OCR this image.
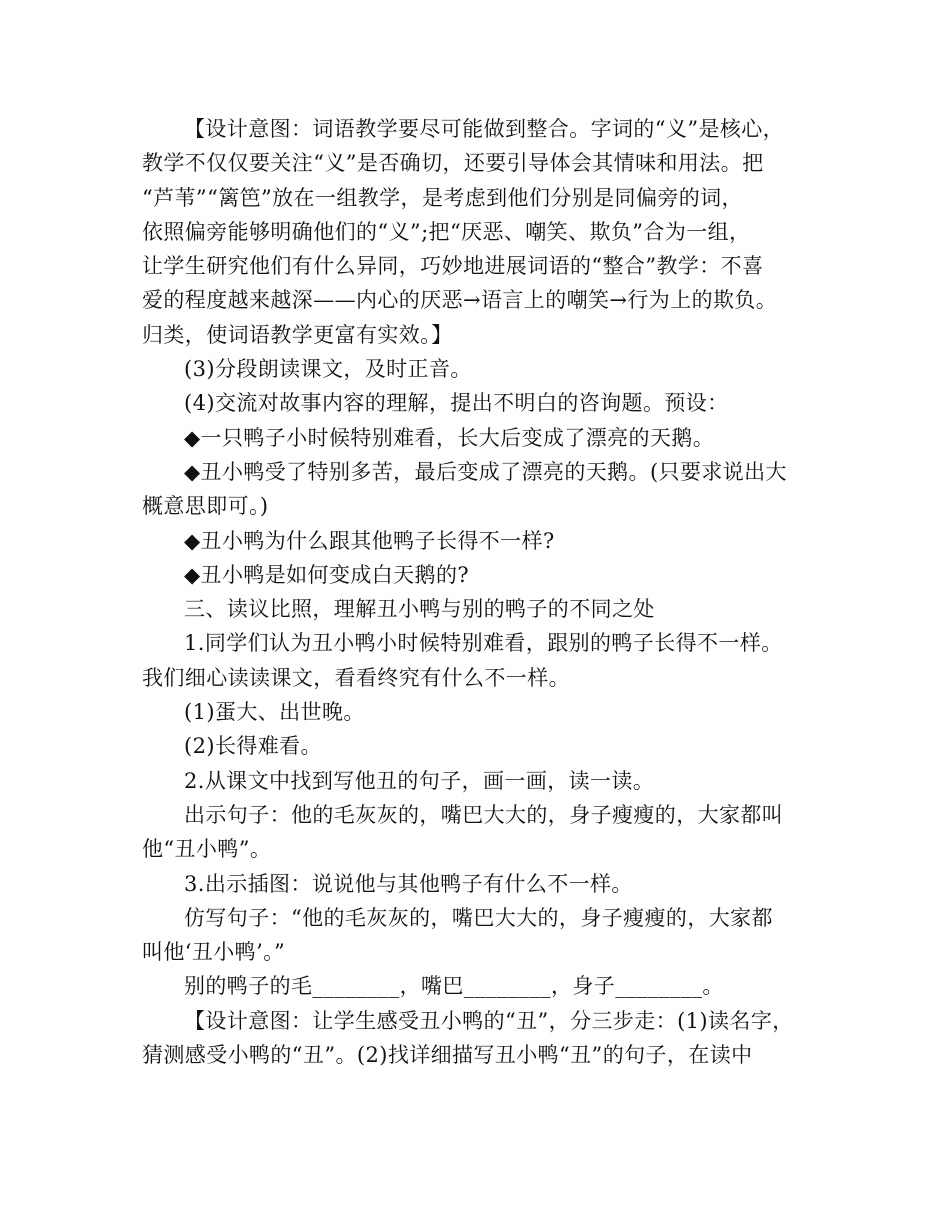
【设计意图：词语教学要尽可能做到整合。字词的“义”是核心，
教学不仅仅要关注“义”是否确切，还要引导体会其情味和用法。把
“芦苇”“篱笆”放在一组教学，是考虑到他们分别是同偏旁的词，
依照偏旁能够明确他们的“义”;把“厌恶、嘲笑、欺负”合为一组，
让学生研究他们有什么异同，巧妙地进展词语的“整合”教学：不喜
爱的程度越来越深——内心的厌恶→语言上的嘲笑→行为上的欺负。
归类，使词语教学更富有实效。】
(3)分段朗读课文，及时正音。
(4)交流对故事内容的理解，提出不明白的咨询题。预设：
◆一只鸭子小时候特别难看，长大后变成了漂亮的天鹅。
◆丑小鸭受了特别多苦，最后变成了漂亮的天鹅。(只要求说出大
概意思即可。)
◆丑小鸭为什么跟其他鸭子长得不一样?
◆丑小鸭是如何变成白天鹅的?
三、读议比照，理解丑小鸭与别的鸭子的不同之处
1.同学们认为丑小鸭小时候特别难看，跟别的鸭子长得不一样。
我们细心读读课文，看看终究有什么不一样。
(1)蛋大、出世晚。
(2)长得难看。
2.从课文中找到写他丑的句子，画一画，读一读。
出示句子：他的毛灰灰的，嘴巴大大的，身子瘦瘦的，大家都叫
他“丑小鸭”。
3.出示插图：说说他与其他鸭子有什么不一样。
仿写句子：“他的毛灰灰的，嘴巴大大的，身子瘦瘦的，大家都
叫他‘丑小鸭’。”
别的鸭子的毛________，嘴巴________，身子________。
【设计意图：让学生感受丑小鸭的“丑”，分三步走：(1)读名字，
猜测感受小鸭的“丑”。(2)找详细描写丑小鸭“丑”的句子，在读中
